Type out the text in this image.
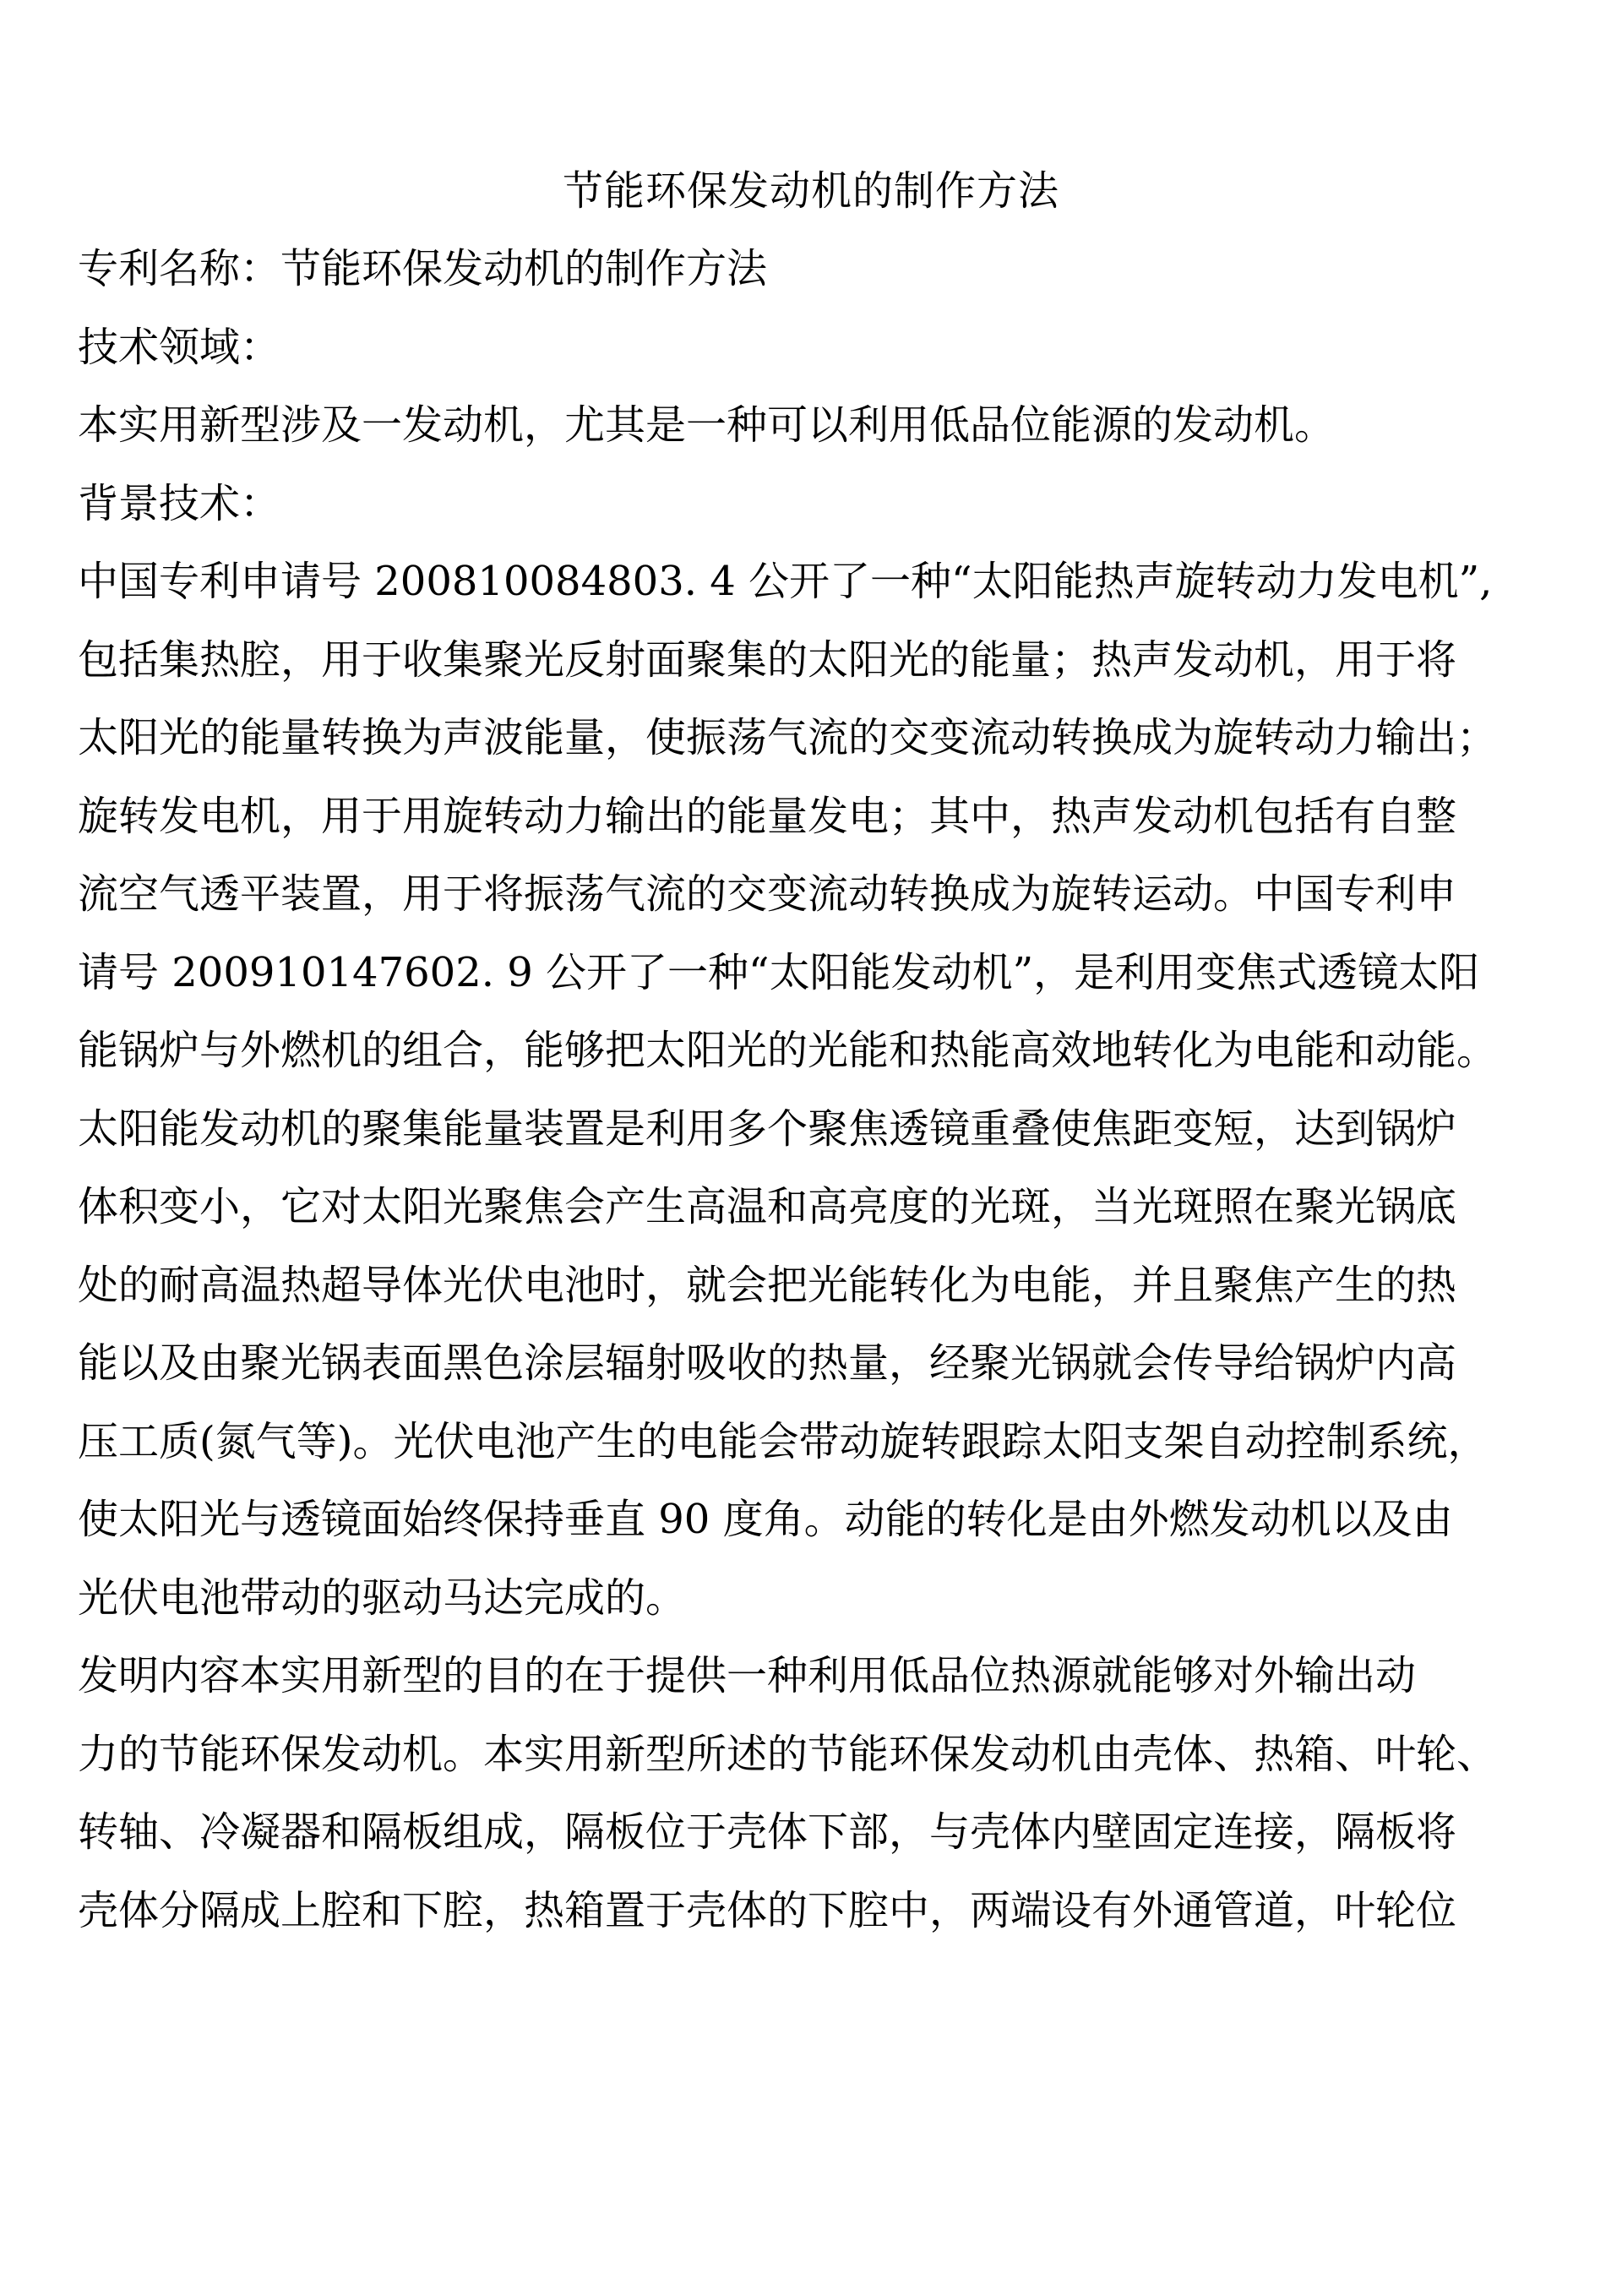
节能环保发动机的制作方法
专利名称：节能环保发动机的制作方法
技术领域：
本实用新型涉及一发动机，尤其是一种可以利用低品位能源的发动机。
背景技术：
中国专利申请号 200810084803. 4 公开了一种“太阳能热声旋转动力发电机”,
包括集热腔，用于收集聚光反射面聚集的太阳光的能量；热声发动机，用于将
太阳光的能量转换为声波能量，使振荡气流的交变流动转换成为旋转动力输出；
旋转发电机，用于用旋转动力输出的能量发电；其中，热声发动机包括有自整
流空气透平装置，用于将振荡气流的交变流动转换成为旋转运动。中国专利申
请号 200910147602. 9 公开了一种“太阳能发动机”，是利用变焦式透镜太阳
能锅炉与外燃机的组合，能够把太阳光的光能和热能高效地转化为电能和动能。
太阳能发动机的聚集能量装置是利用多个聚焦透镜重叠使焦距变短，达到锅炉
体积变小，它对太阳光聚焦会产生高温和高亮度的光斑，当光斑照在聚光锅底
处的耐高温热超导体光伏电池时，就会把光能转化为电能，并且聚焦产生的热
能以及由聚光锅表面黑色涂层辐射吸收的热量，经聚光锅就会传导给锅炉内高
压工质(氮气等)。光伏电池产生的电能会带动旋转跟踪太阳支架自动控制系统，
使太阳光与透镜面始终保持垂直 90 度角。动能的转化是由外燃发动机以及由
光伏电池带动的驱动马达完成的。
发明内容本实用新型的目的在于提供一种利用低品位热源就能够对外输出动
力的节能环保发动机。本实用新型所述的节能环保发动机由壳体、热箱、叶轮、
转轴、冷凝器和隔板组成，隔板位于壳体下部，与壳体内壁固定连接，隔板将
壳体分隔成上腔和下腔，热箱置于壳体的下腔中，两端设有外通管道，叶轮位
